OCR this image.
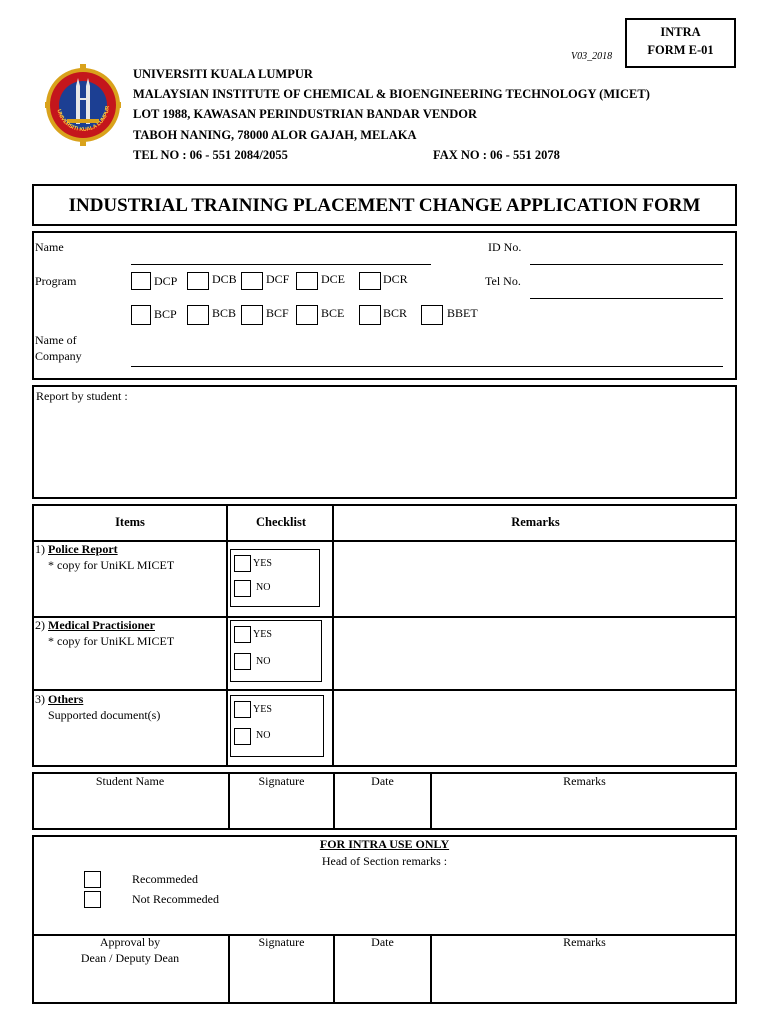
V03_2018
INTRA
FORM E-01
UNIVERSITI KUALA LUMPUR
UNIVERSITI KUALA LUMPUR
MALAYSIAN INSTITUTE OF CHEMICAL & BIOENGINEERING TECHNOLOGY (MICET)
LOT 1988, KAWASAN PERINDUSTRIAN BANDAR VENDOR
TABOH NANING, 78000 ALOR GAJAH, MELAKA
TEL NO : 06 - 551 2084/2055	FAX NO : 06 - 551 2078
INDUSTRIAL TRAINING PLACEMENT CHANGE APPLICATION FORM
Name	ID No.
Program	Tel No.
DCP	DCB DCF	DCE	DCR
BCP	BCB BCF	BCE	BCR	BBET
Name of
Company
Report by student :
Items	Checklist	Remarks
1) Police Report
* copy for UniKL MICET	YES
NO
2) Medical Practisioner
* copy for UniKL MICET	YES
NO
3) Others
Supported document(s)	YES
NO
Student Name	Signature	Date	Remarks
FOR INTRA USE ONLY
Head of Section remarks :
Recommeded
Not Recommeded
Approval by
Dean / Deputy Dean
Signature	Date	Remarks
